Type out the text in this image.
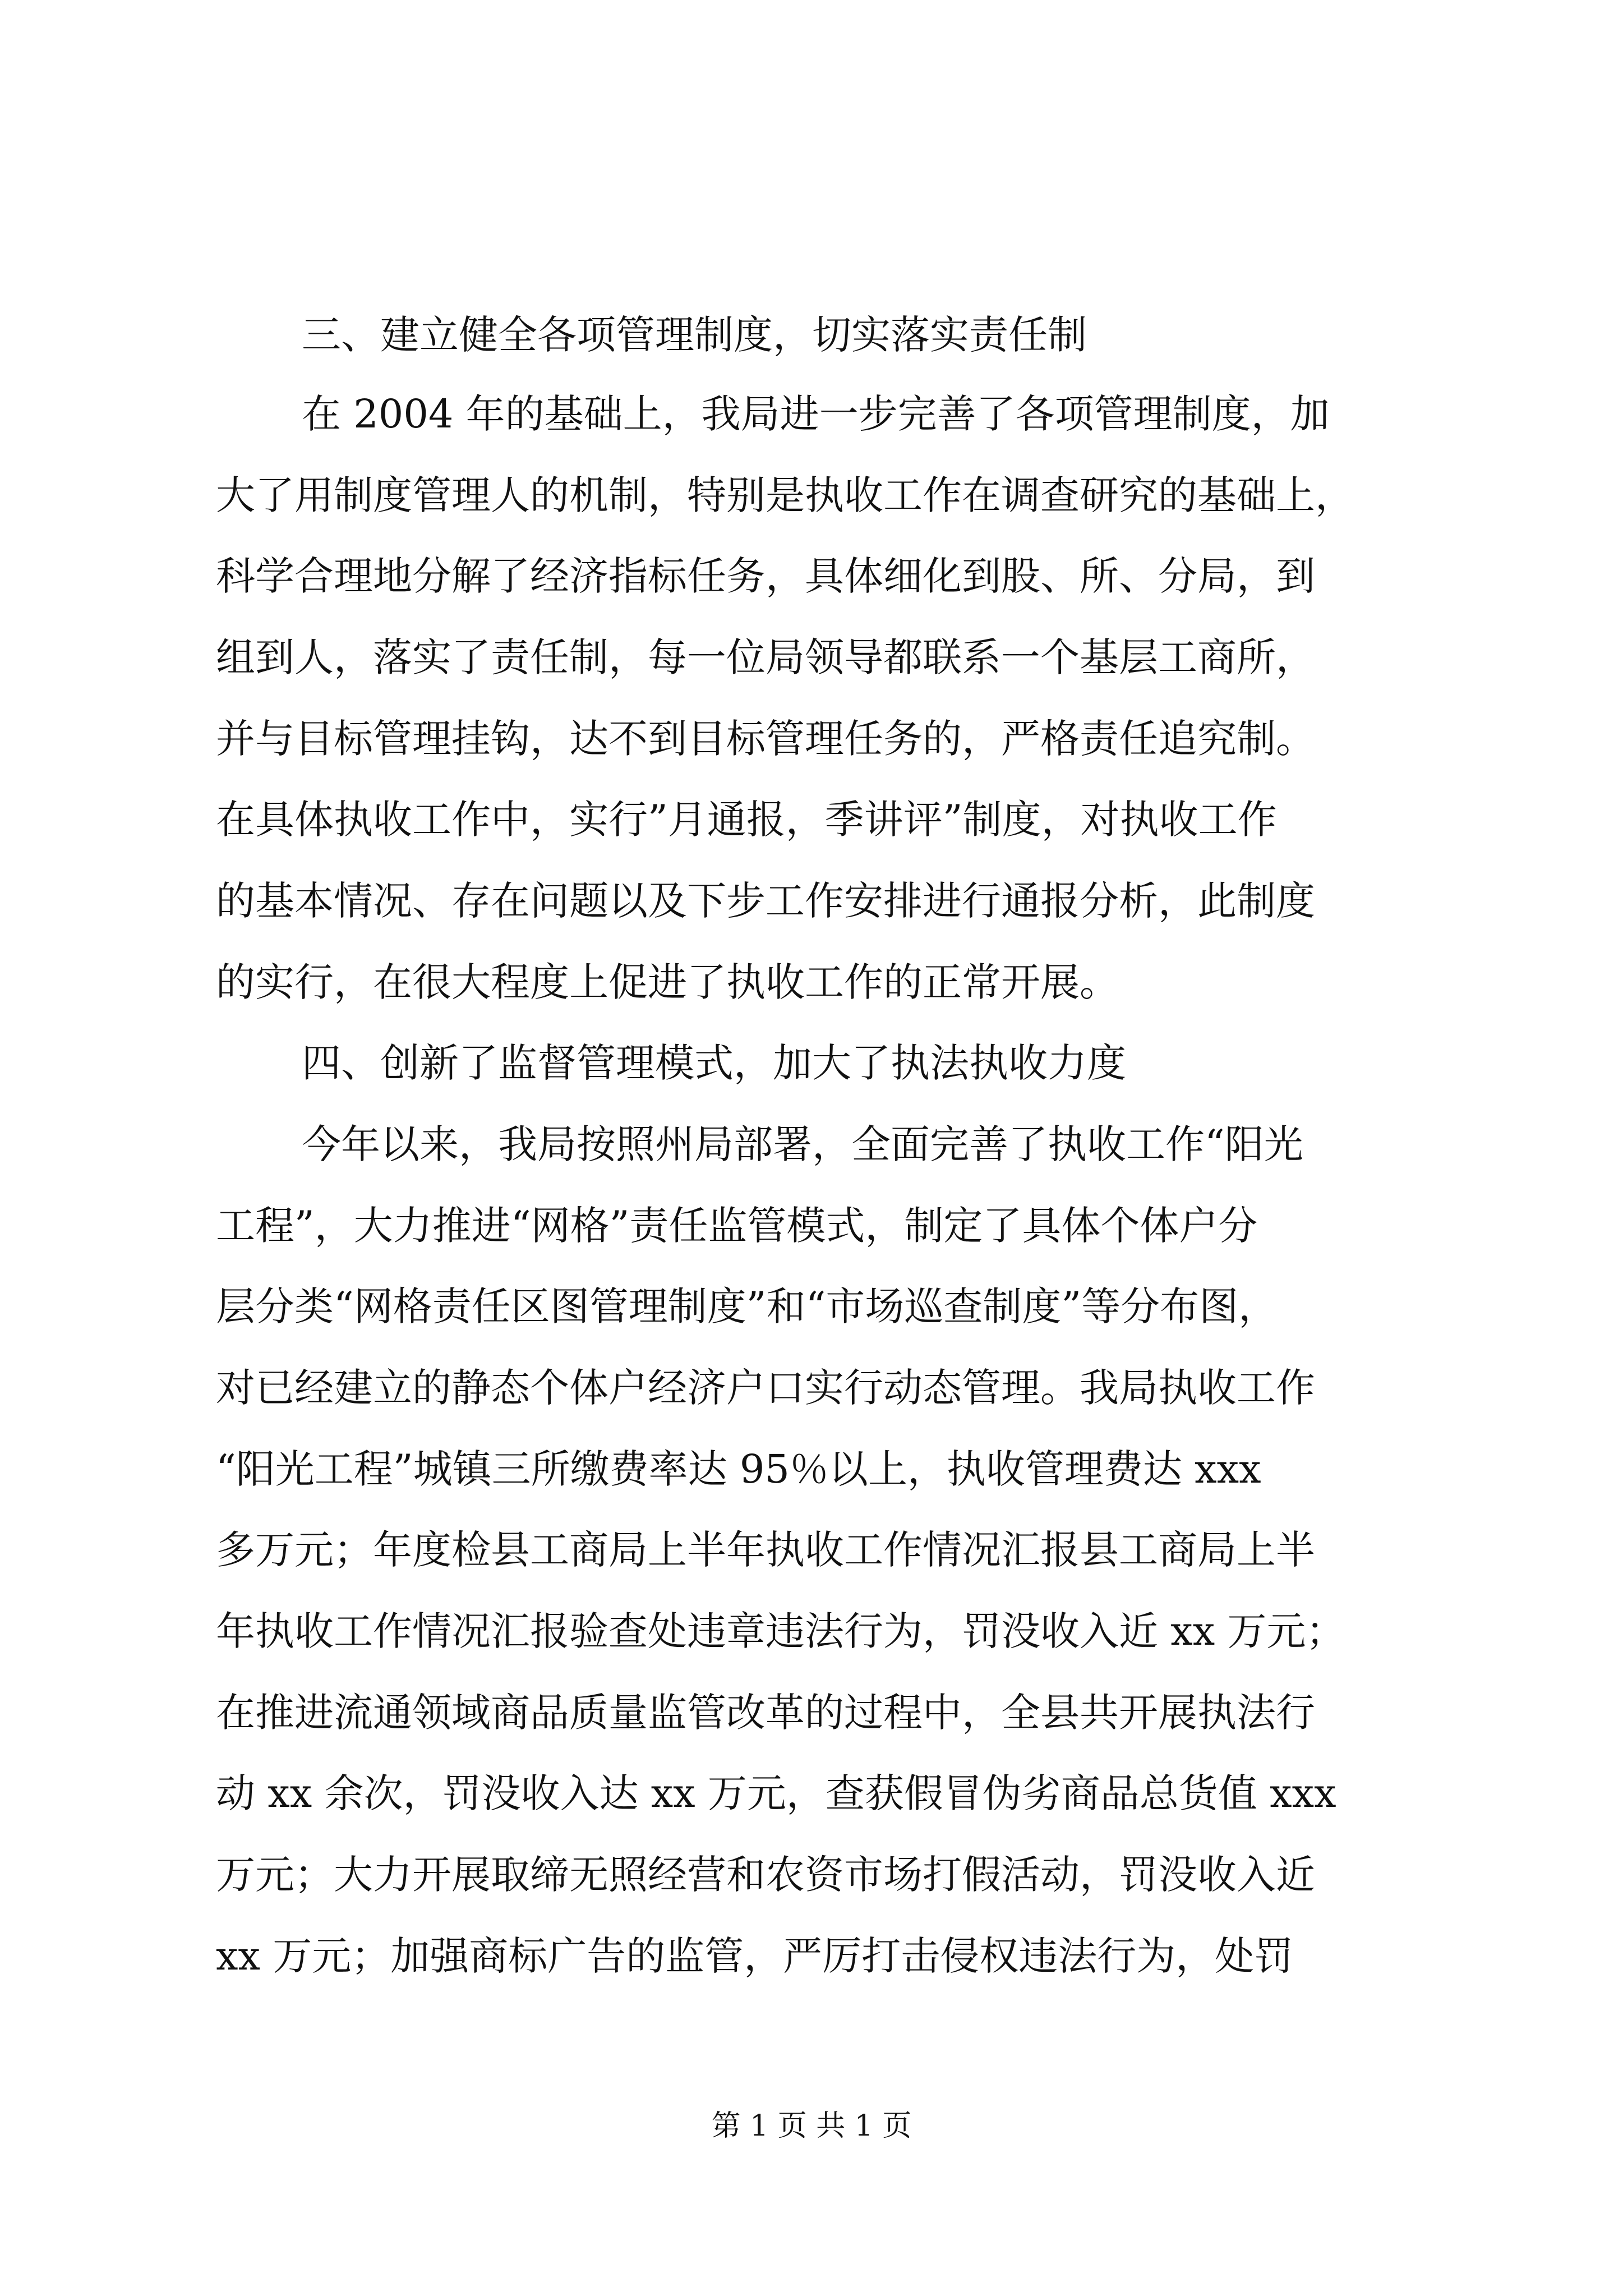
三、建立健全各项管理制度，切实落实责任制
在 2004 年的基础上，我局进一步完善了各项管理制度，加
大了用制度管理人的机制，特别是执收工作在调查研究的基础上，
科学合理地分解了经济指标任务，具体细化到股、所、分局，到
组到人，落实了责任制，每一位局领导都联系一个基层工商所，
并与目标管理挂钩，达不到目标管理任务的，严格责任追究制。
在具体执收工作中，实行”月通报，季讲评”制度，对执收工作
的基本情况、存在问题以及下步工作安排进行通报分析，此制度
的实行，在很大程度上促进了执收工作的正常开展。
四、创新了监督管理模式，加大了执法执收力度
今年以来，我局按照州局部署，全面完善了执收工作“阳光
工程”，大力推进“网格”责任监管模式，制定了具体个体户分
层分类“网格责任区图管理制度”和“市场巡查制度”等分布图，
对已经建立的静态个体户经济户口实行动态管理。我局执收工作
“阳光工程”城镇三所缴费率达 95％以上，执收管理费达 xxx
多万元；年度检县工商局上半年执收工作情况汇报县工商局上半
年执收工作情况汇报验查处违章违法行为，罚没收入近 xx 万元；
在推进流通领域商品质量监管改革的过程中，全县共开展执法行
动 xx 余次，罚没收入达 xx 万元，查获假冒伪劣商品总货值 xxx
万元；大力开展取缔无照经营和农资市场打假活动，罚没收入近
xx 万元；加强商标广告的监管，严厉打击侵权违法行为，处罚
第 1 页 共 1 页
